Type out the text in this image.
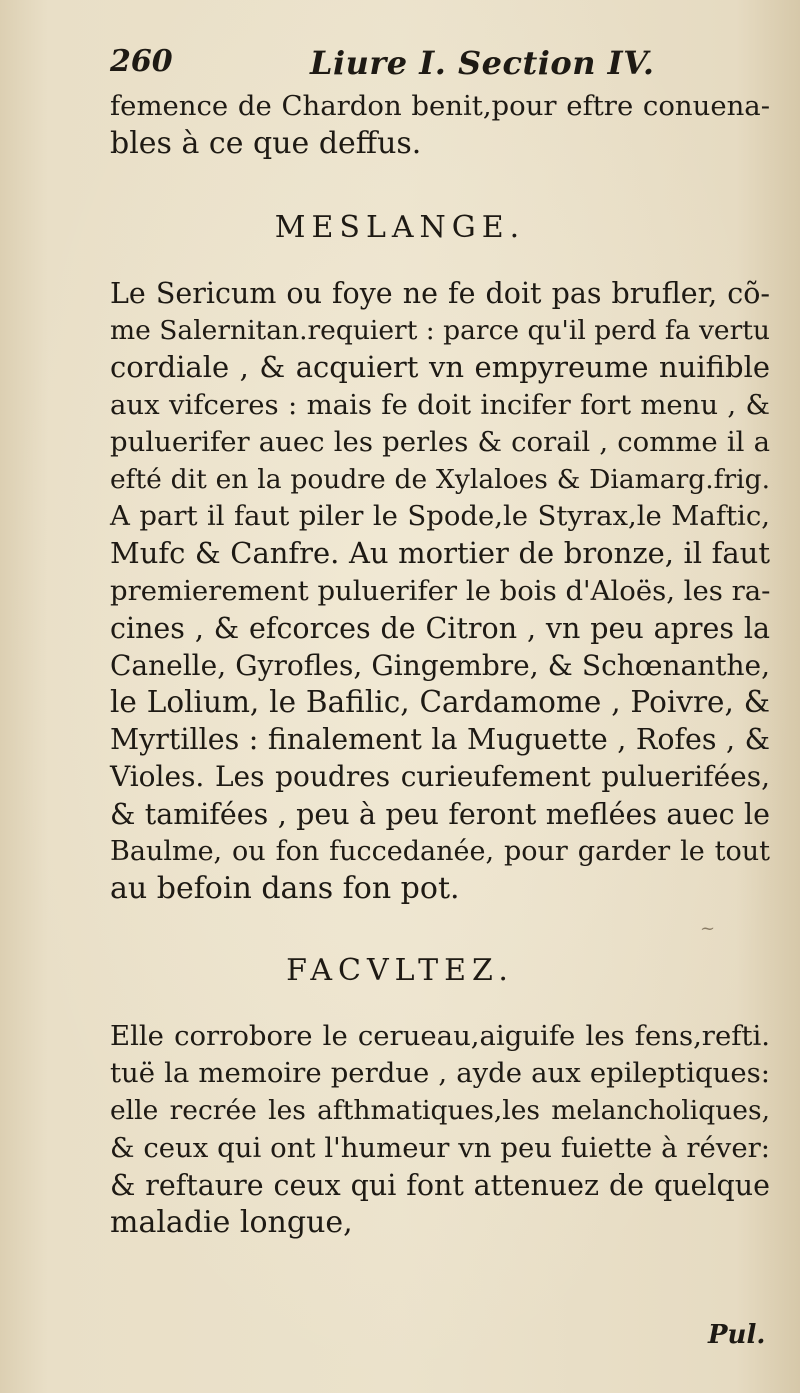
260	Liure I. Section IV.
femence de Chardon benit,pour eftre conuena-
bles à ce que deffus.
MESLANGE.
Le Sericum ou foye ne fe doit pas brufler, cõ-
me Salernitan.requiert : parce qu'il perd fa vertu
cordiale , & acquiert vn empyreume nuifible
aux vifceres : mais fe doit incifer fort menu , &
puluerifer auec les perles & corail , comme il a
efté dit en la poudre de Xylaloes & Diamarg.frig.
A part il faut piler le Spode,le Styrax,le Maftic,
Mufc & Canfre. Au mortier de bronze, il faut
premierement puluerifer le bois d'Aloës, les ra-
cines , & efcorces de Citron , vn peu apres la
Canelle, Gyrofles, Gingembre, & Schœnanthe,
le Lolium, le Bafilic, Cardamome , Poivre, &
Myrtilles : finalement la Muguette , Rofes , &
Violes. Les poudres curieufement puluerifées,
& tamifées , peu à peu feront meflées auec le
Baulme, ou fon fuccedanée, pour garder le tout
au befoin dans fon pot.
~
FACVLTEZ.
Elle corrobore le cerueau,aiguife les fens,refti.
tuë la memoire perdue , ayde aux epileptiques:
elle recrée les afthmatiques,les melancholiques,
& ceux qui ont l'humeur vn peu fuiette à réver:
& reftaure ceux qui font attenuez de quelque
maladie longue,
Pul.
